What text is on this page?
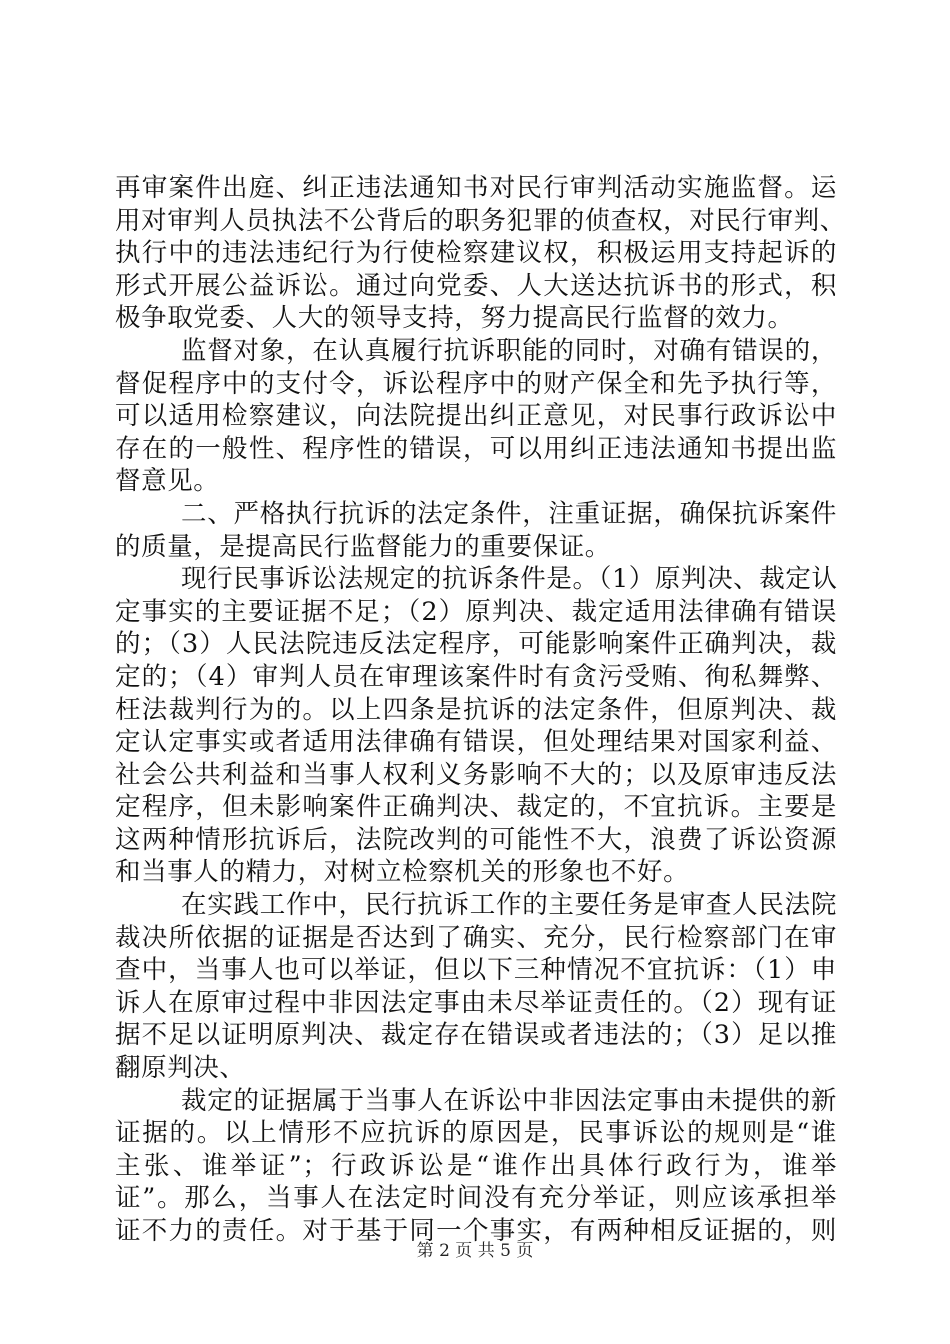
再审案件出庭、纠正违法通知书对民行审判活动实施监督。运
用对审判人员执法不公背后的职务犯罪的侦查权，对民行审判、
执行中的违法违纪行为行使检察建议权，积极运用支持起诉的
形式开展公益诉讼。通过向党委、人大送达抗诉书的形式，积
极争取党委、人大的领导支持，努力提高民行监督的效力。
监督对象，在认真履行抗诉职能的同时，对确有错误的，
督促程序中的支付令，诉讼程序中的财产保全和先予执行等，
可以适用检察建议，向法院提出纠正意见，对民事行政诉讼中
存在的一般性、程序性的错误，可以用纠正违法通知书提出监
督意见。
二、严格执行抗诉的法定条件，注重证据，确保抗诉案件
的质量，是提高民行监督能力的重要保证。
现行民事诉讼法规定的抗诉条件是。（1）原判决、裁定认
定事实的主要证据不足；（2）原判决、裁定适用法律确有错误
的；（3）人民法院违反法定程序，可能影响案件正确判决，裁
定的；（4）审判人员在审理该案件时有贪污受贿、徇私舞弊、
枉法裁判行为的。以上四条是抗诉的法定条件，但原判决、裁
定认定事实或者适用法律确有错误，但处理结果对国家利益、
社会公共利益和当事人权利义务影响不大的；以及原审违反法
定程序，但未影响案件正确判决、裁定的，不宜抗诉。主要是
这两种情形抗诉后，法院改判的可能性不大，浪费了诉讼资源
和当事人的精力，对树立检察机关的形象也不好。
在实践工作中，民行抗诉工作的主要任务是审查人民法院
裁决所依据的证据是否达到了确实、充分，民行检察部门在审
查中，当事人也可以举证，但以下三种情况不宜抗诉：（1）申
诉人在原审过程中非因法定事由未尽举证责任的。（2）现有证
据不足以证明原判决、裁定存在错误或者违法的；（3）足以推
翻原判决、
裁定的证据属于当事人在诉讼中非因法定事由未提供的新
证据的。以上情形不应抗诉的原因是，民事诉讼的规则是“谁
主张、谁举证”；行政诉讼是“谁作出具体行政行为，谁举
证”。那么，当事人在法定时间没有充分举证，则应该承担举
证不力的责任。对于基于同一个事实，有两种相反证据的，则
第 2 页 共 5 页
